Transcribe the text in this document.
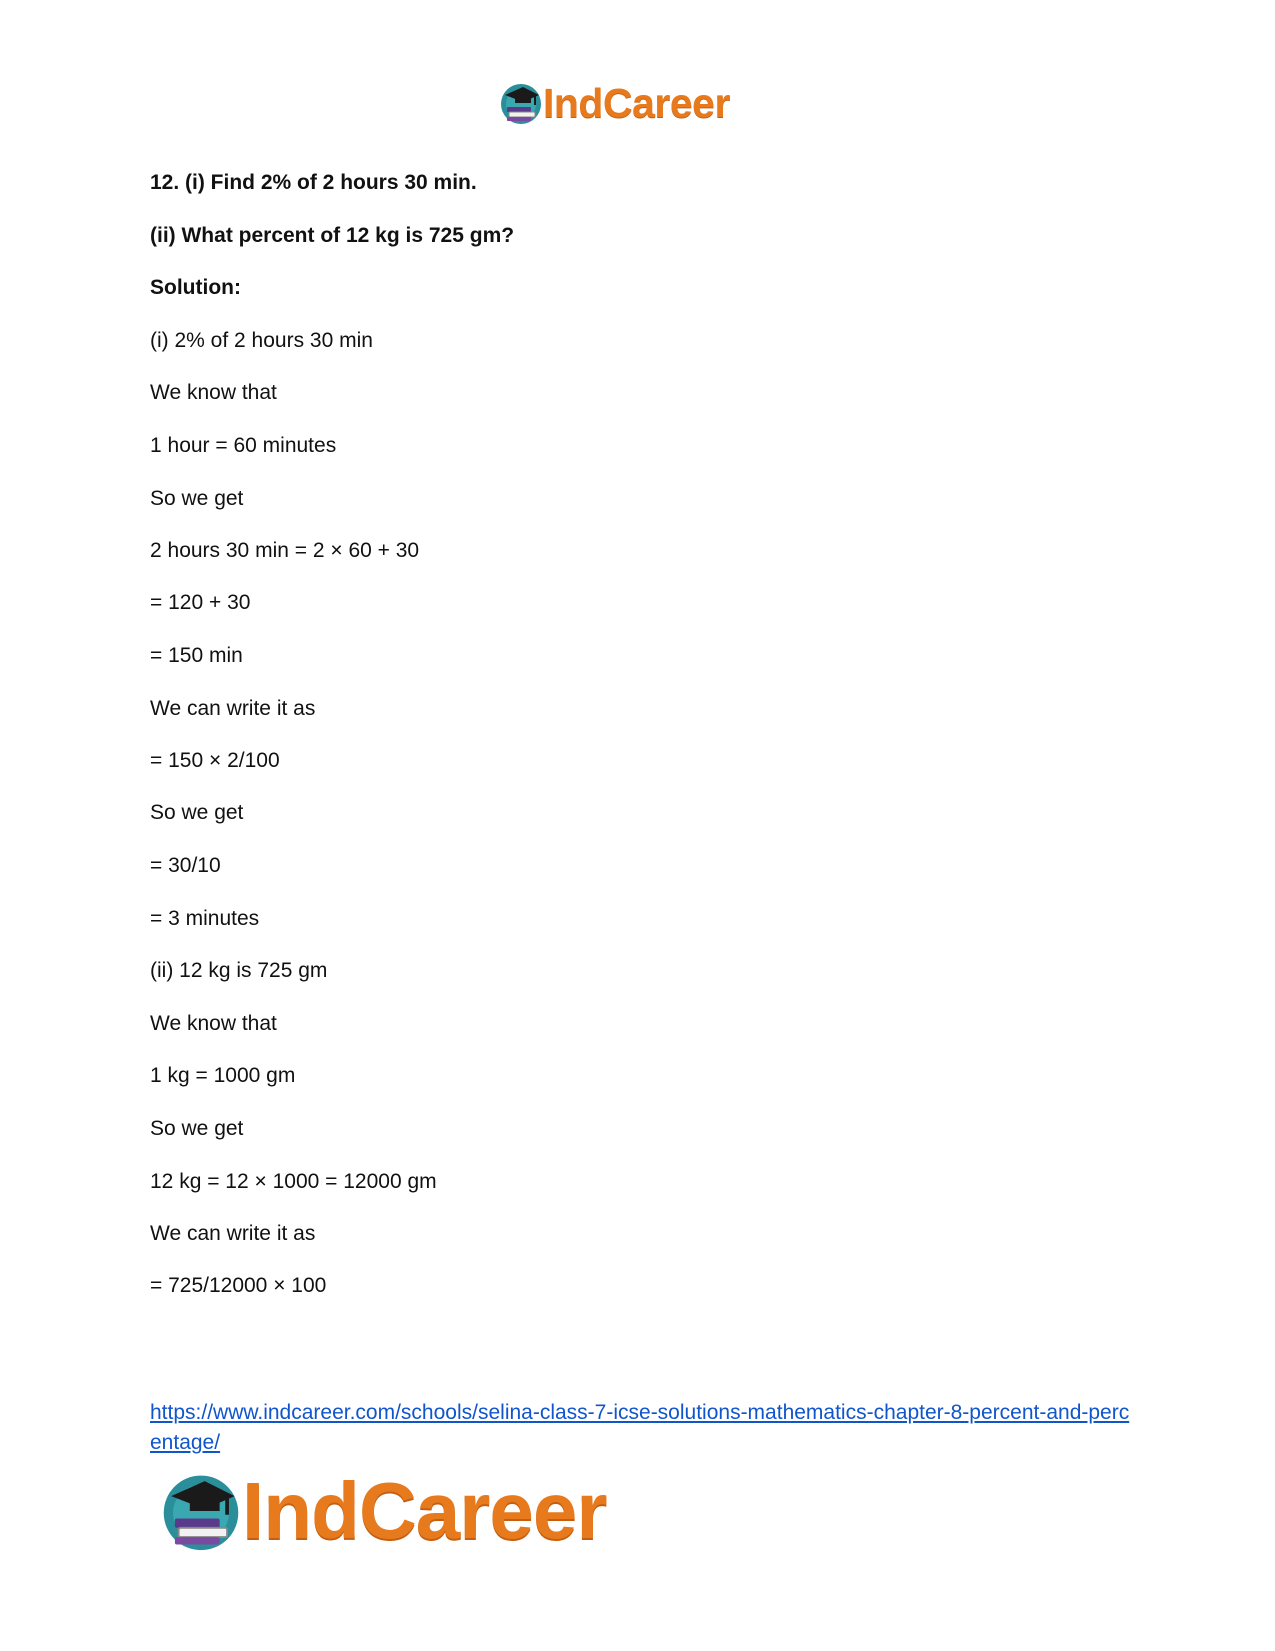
IndCareer
12. (i) Find 2% of 2 hours 30 min.
(ii) What percent of 12 kg is 725 gm?
Solution:
(i) 2% of 2 hours 30 min
We know that
1 hour = 60 minutes
So we get
2 hours 30 min = 2 × 60 + 30
= 120 + 30
= 150 min
We can write it as
= 150 × 2/100
So we get
= 30/10
= 3 minutes
(ii) 12 kg is 725 gm
We know that
1 kg = 1000 gm
So we get
12 kg = 12 × 1000 = 12000 gm
We can write it as
= 725/12000 × 100
https://www.indcareer.com/schools/selina-class-7-icse-solutions-mathematics-chapter-8-percent-and-percentage/
IndCareer
